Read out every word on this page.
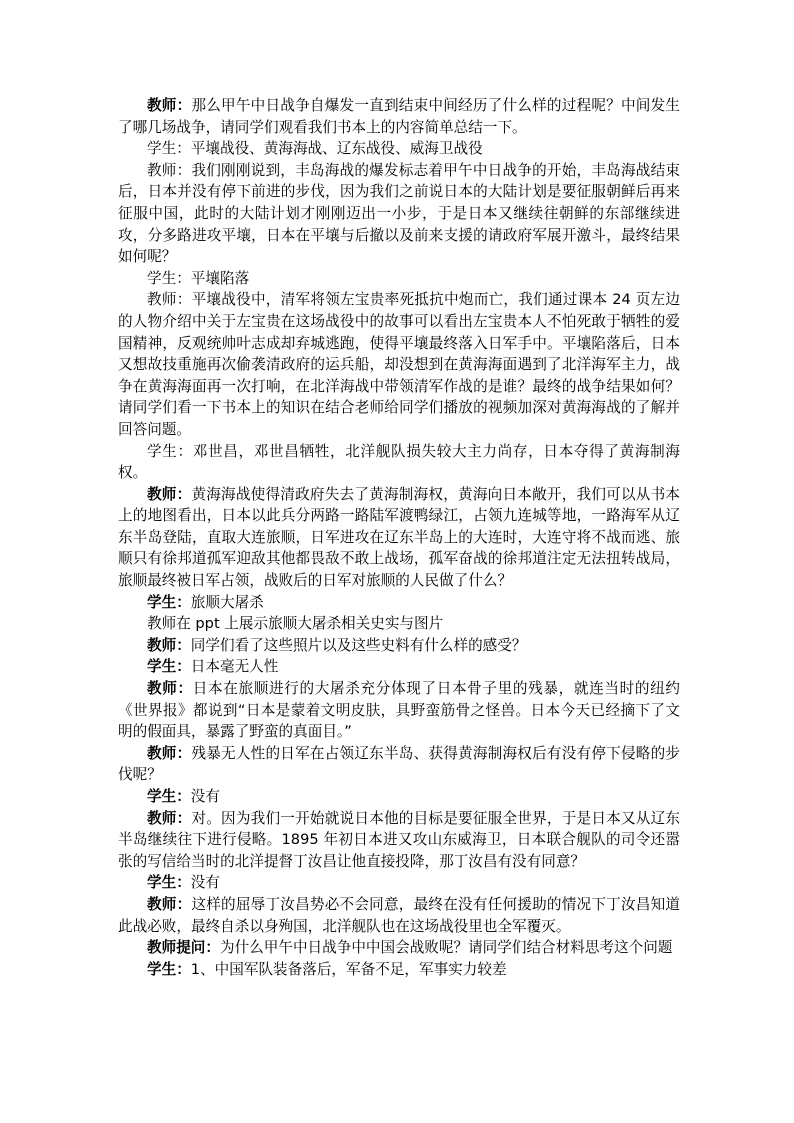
教师：那么甲午中日战争自爆发一直到结束中间经历了什么样的过程呢？中间发生了哪几场战争，请同学们观看我们书本上的内容简单总结一下。

学生：平壤战役、黄海海战、辽东战役、威海卫战役

教师：我们刚刚说到，丰岛海战的爆发标志着甲午中日战争的开始，丰岛海战结束后，日本并没有停下前进的步伐，因为我们之前说日本的大陆计划是要征服朝鲜后再来征服中国，此时的大陆计划才刚刚迈出一小步，于是日本又继续往朝鲜的东部继续进攻，分多路进攻平壤，日本在平壤与后撤以及前来支援的请政府军展开激斗，最终结果如何呢？

学生：平壤陷落

教师：平壤战役中，清军将领左宝贵率死抵抗中炮而亡，我们通过课本 24 页左边的人物介绍中关于左宝贵在这场战役中的故事可以看出左宝贵本人不怕死敢于牺牲的爱国精神，反观统帅叶志成却弃城逃跑，使得平壤最终落入日军手中。平壤陷落后，日本又想故技重施再次偷袭清政府的运兵船，却没想到在黄海海面遇到了北洋海军主力，战争在黄海海面再一次打响，在北洋海战中带领清军作战的是谁？最终的战争结果如何？请同学们看一下书本上的知识在结合老师给同学们播放的视频加深对黄海海战的了解并回答问题。

学生：邓世昌，邓世昌牺牲，北洋舰队损失较大主力尚存，日本夺得了黄海制海权。

教师：黄海海战使得清政府失去了黄海制海权，黄海向日本敞开，我们可以从书本上的地图看出，日本以此兵分两路一路陆军渡鸭绿江，占领九连城等地，一路海军从辽东半岛登陆，直取大连旅顺，日军进攻在辽东半岛上的大连时，大连守将不战而逃、旅顺只有徐邦道孤军迎敌其他都畏敌不敢上战场，孤军奋战的徐邦道注定无法扭转战局，旅顺最终被日军占领，战败后的日军对旅顺的人民做了什么？

学生：旅顺大屠杀

教师在 ppt 上展示旅顺大屠杀相关史实与图片

教师：同学们看了这些照片以及这些史料有什么样的感受？

学生：日本毫无人性

教师：日本在旅顺进行的大屠杀充分体现了日本骨子里的残暴，就连当时的纽约《世界报》都说到“日本是蒙着文明皮肤，具野蛮筋骨之怪兽。日本今天已经摘下了文明的假面具，暴露了野蛮的真面目。”

教师：残暴无人性的日军在占领辽东半岛、获得黄海制海权后有没有停下侵略的步伐呢？

学生：没有

教师：对。因为我们一开始就说日本他的目标是要征服全世界，于是日本又从辽东半岛继续往下进行侵略。1895 年初日本进又攻山东威海卫，日本联合舰队的司令还嚣张的写信给当时的北洋提督丁汝昌让他直接投降，那丁汝昌有没有同意？

学生：没有

教师：这样的屈辱丁汝昌势必不会同意，最终在没有任何援助的情况下丁汝昌知道此战必败，最终自杀以身殉国，北洋舰队也在这场战役里也全军覆灭。

教师提问：为什么甲午中日战争中中国会战败呢？请同学们结合材料思考这个问题

学生：1、中国军队装备落后，军备不足，军事实力较差
